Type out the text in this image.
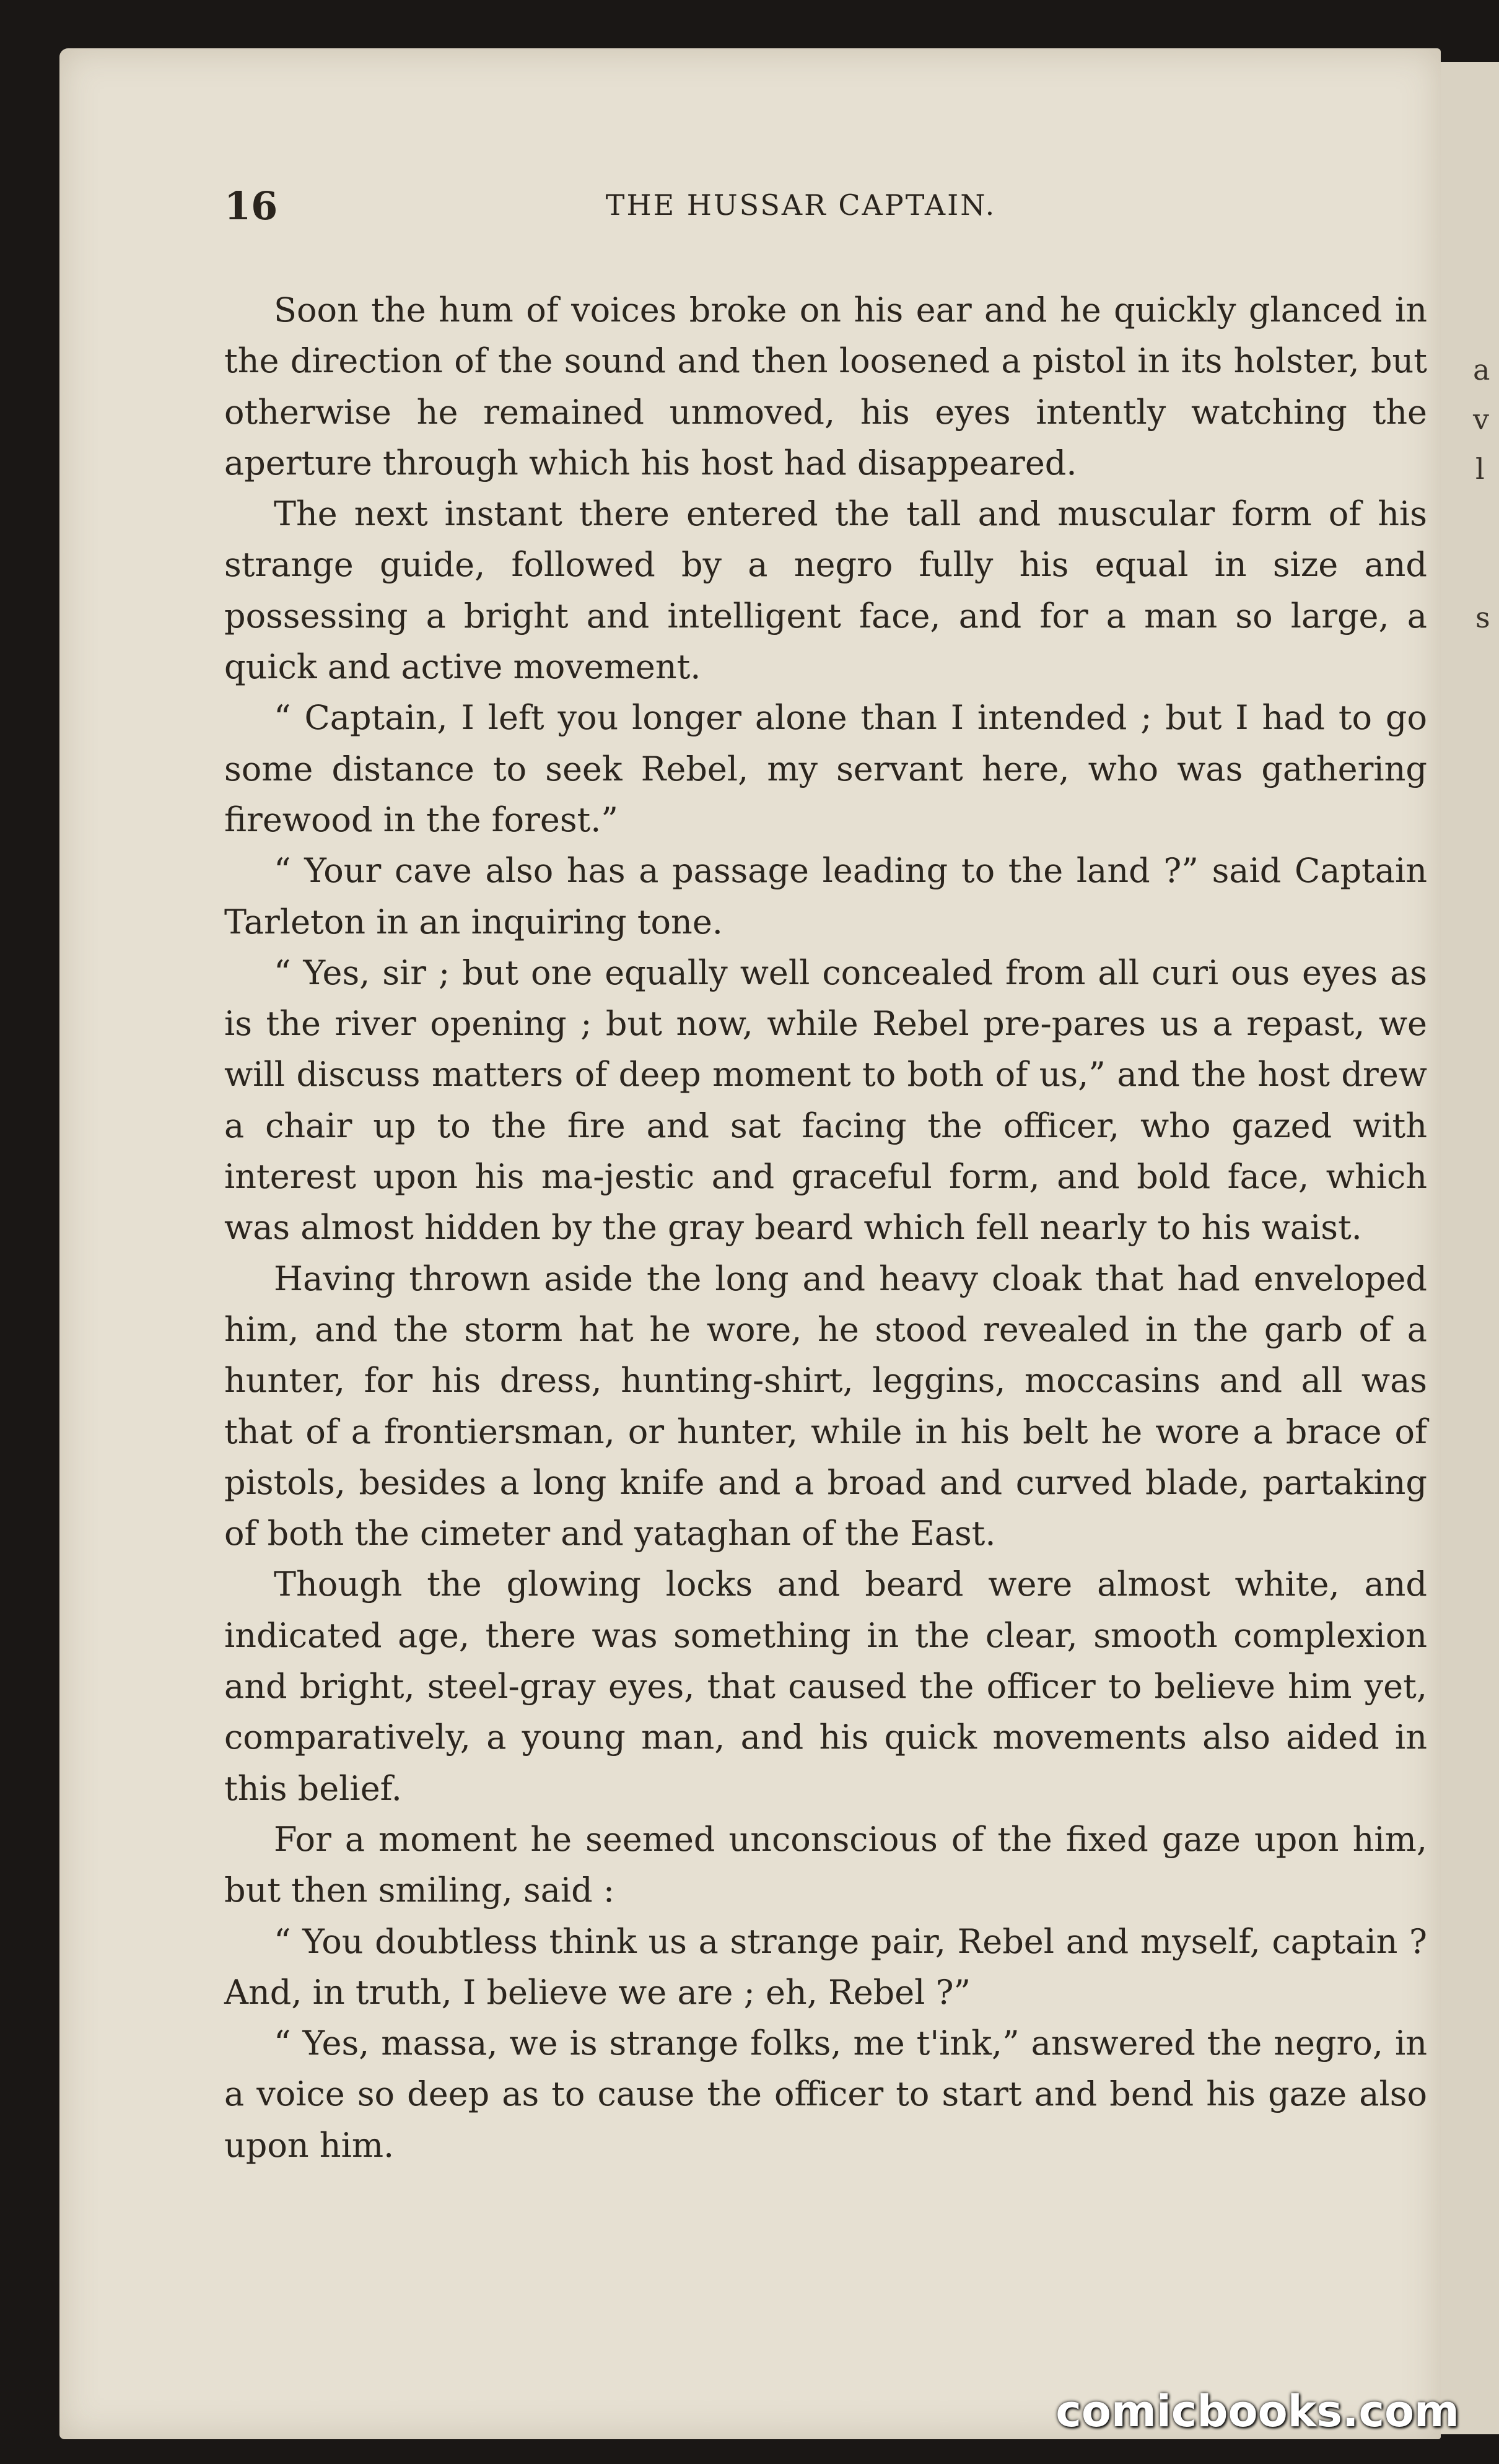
a
v
l
s
16	THE HUSSAR CAPTAIN.

Soon the hum of voices broke on his ear and he quickly glanced in the direction of the sound and then loosened a pistol in its holster, but otherwise he remained unmoved, his eyes intently watching the aperture through which his host had disappeared.

The next instant there entered the tall and muscular form of his strange guide, followed by a negro fully his equal in size and possessing a bright and intelligent face, and for a man so large, a quick and active movement.

“ Captain, I left you longer alone than I intended ; but I had to go some distance to seek Rebel, my servant here, who was gathering firewood in the forest.”

“ Your cave also has a passage leading to the land ?” said Captain Tarleton in an inquiring tone.

“ Yes, sir ; but one equally well concealed from all curi ous eyes as is the river opening ; but now, while Rebel pre-pares us a repast, we will discuss matters of deep moment to both of us,” and the host drew a chair up to the fire and sat facing the officer, who gazed with interest upon his ma-jestic and graceful form, and bold face, which was almost hidden by the gray beard which fell nearly to his waist.

Having thrown aside the long and heavy cloak that had enveloped him, and the storm hat he wore, he stood revealed in the garb of a hunter, for his dress, hunting-shirt, leggins, moccasins and all was that of a frontiersman, or hunter, while in his belt he wore a brace of pistols, besides a long knife and a broad and curved blade, partaking of both the cimeter and yataghan of the East.

Though the glowing locks and beard were almost white, and indicated age, there was something in the clear, smooth complexion and bright, steel-gray eyes, that caused the officer to believe him yet, comparatively, a young man, and his quick movements also aided in this belief.

For a moment he seemed unconscious of the fixed gaze upon him, but then smiling, said :

“ You doubtless think us a strange pair, Rebel and myself, captain ? And, in truth, I believe we are ; eh, Rebel ?”

“ Yes, massa, we is strange folks, me t'ink,” answered the negro, in a voice so deep as to cause the officer to start and bend his gaze also upon him.

comicbooks.com
